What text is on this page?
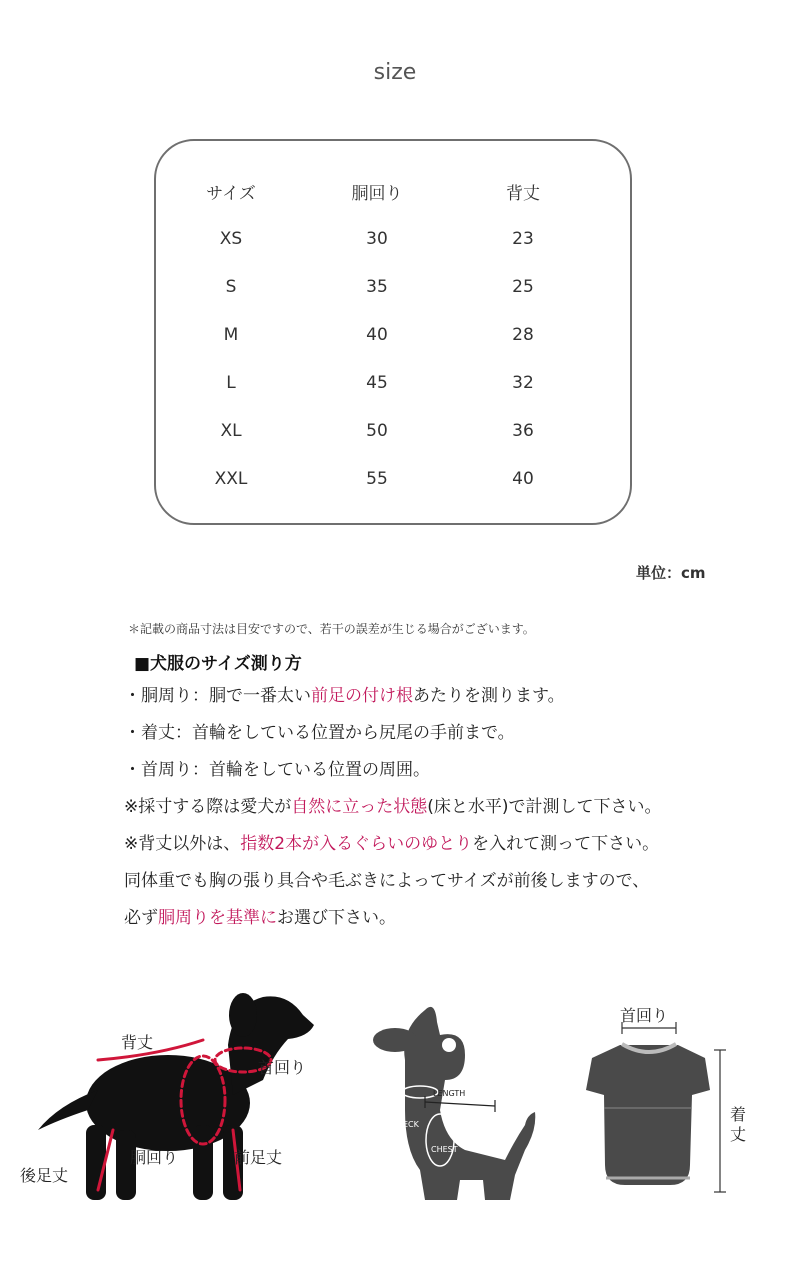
size
サイズ	胴回り	背丈
XS	30	23
S	35	25
M	40	28
L	45	32
XL	50	36
XXL	55	40
単位：cm
＊記載の商品寸法は目安ですので、若干の誤差が生じる場合がございます。
■犬服のサイズ測り方
・胴周り：胴で一番太い前足の付け根あたりを測ります。
・着丈：首輪をしている位置から尻尾の手前まで。
・首周り：首輪をしている位置の周囲。
※採寸する際は愛犬が自然に立った状態(床と水平)で計測して下さい。
※背丈以外は、指数2本が入るぐらいのゆとりを入れて測って下さい。
同体重でも胸の張り具合や毛ぶきによってサイズが前後しますので、
必ず胴周りを基準にお選び下さい。
背丈
首回り
胴回り	前足丈
後足丈
LENGTH
NECK
CHEST
首回り
着丈
